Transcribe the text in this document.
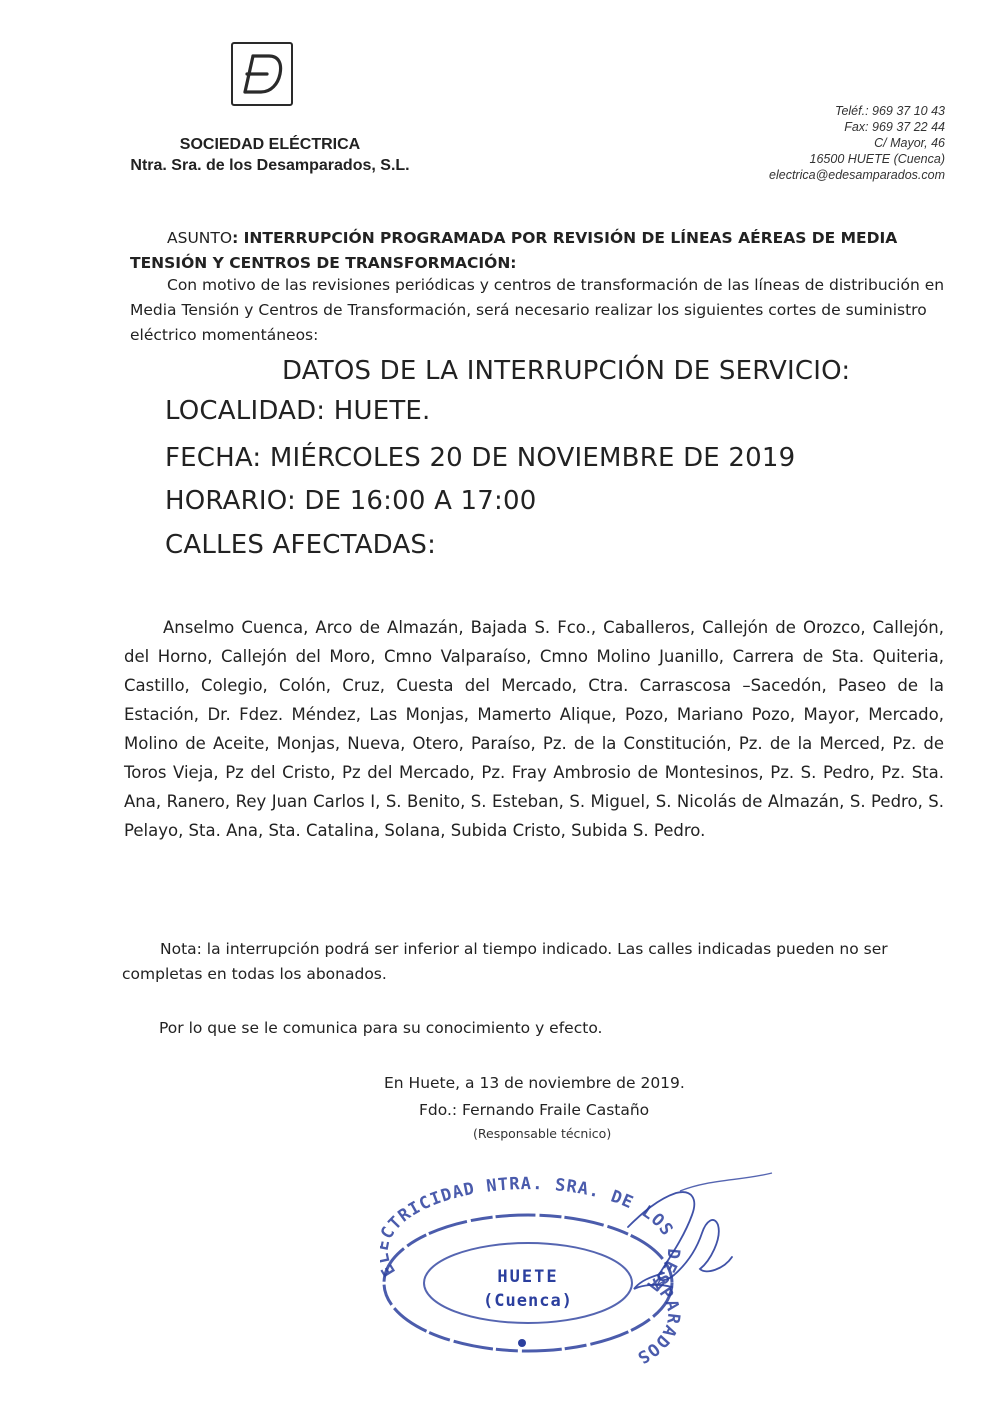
SOCIEDAD ELÉCTRICA
Ntra. Sra. de los Desamparados, S.L.
Teléf.: 969 37 10 43
Fax: 969 37 22 44
C/ Mayor, 46
16500 HUETE (Cuenca)
electrica@edesamparados.com
ASUNTO: INTERRUPCIÓN PROGRAMADA POR REVISIÓN DE LÍNEAS AÉREAS DE MEDIA TENSIÓN Y CENTROS DE TRANSFORMACIÓN:
Con motivo de las revisiones periódicas y centros de transformación de las líneas de distribución en Media Tensión y Centros de Transformación, será necesario realizar los siguientes cortes de suministro eléctrico momentáneos:
DATOS DE LA INTERRUPCIÓN DE SERVICIO:
LOCALIDAD: HUETE.
FECHA: MIÉRCOLES 20 DE NOVIEMBRE DE 2019
HORARIO: DE 16:00 A 17:00
CALLES AFECTADAS:
Anselmo Cuenca, Arco de Almazán, Bajada S. Fco., Caballeros, Callejón de Orozco, Callejón, del Horno, Callejón del Moro, Cmno Valparaíso, Cmno Molino Juanillo, Carrera de Sta. Quiteria, Castillo, Colegio, Colón, Cruz, Cuesta del Mercado, Ctra. Carrascosa –Sacedón, Paseo de la Estación, Dr. Fdez. Méndez, Las Monjas, Mamerto Alique, Pozo, Mariano Pozo, Mayor, Mercado, Molino de Aceite, Monjas, Nueva, Otero, Paraíso, Pz. de la Constitución, Pz. de la Merced, Pz. de Toros Vieja, Pz del Cristo, Pz del Mercado, Pz. Fray Ambrosio de Montesinos, Pz. S. Pedro, Pz. Sta. Ana, Ranero, Rey Juan Carlos I, S. Benito, S. Esteban, S. Miguel, S. Nicolás de Almazán, S. Pedro, S. Pelayo, Sta. Ana, Sta. Catalina, Solana, Subida Cristo, Subida S. Pedro.
Nota: la interrupción podrá ser inferior al tiempo indicado. Las calles indicadas pueden no ser completas en todas los abonados.
Por lo que se le comunica para su conocimiento y efecto.
En Huete, a 13 de noviembre de 2019.
Fdo.: Fernando Fraile Castaño
(Responsable técnico)
TRICIDAD NTRA. SRA. DE LOS DESAMPARADOS
HUETE
(Cuenca)
